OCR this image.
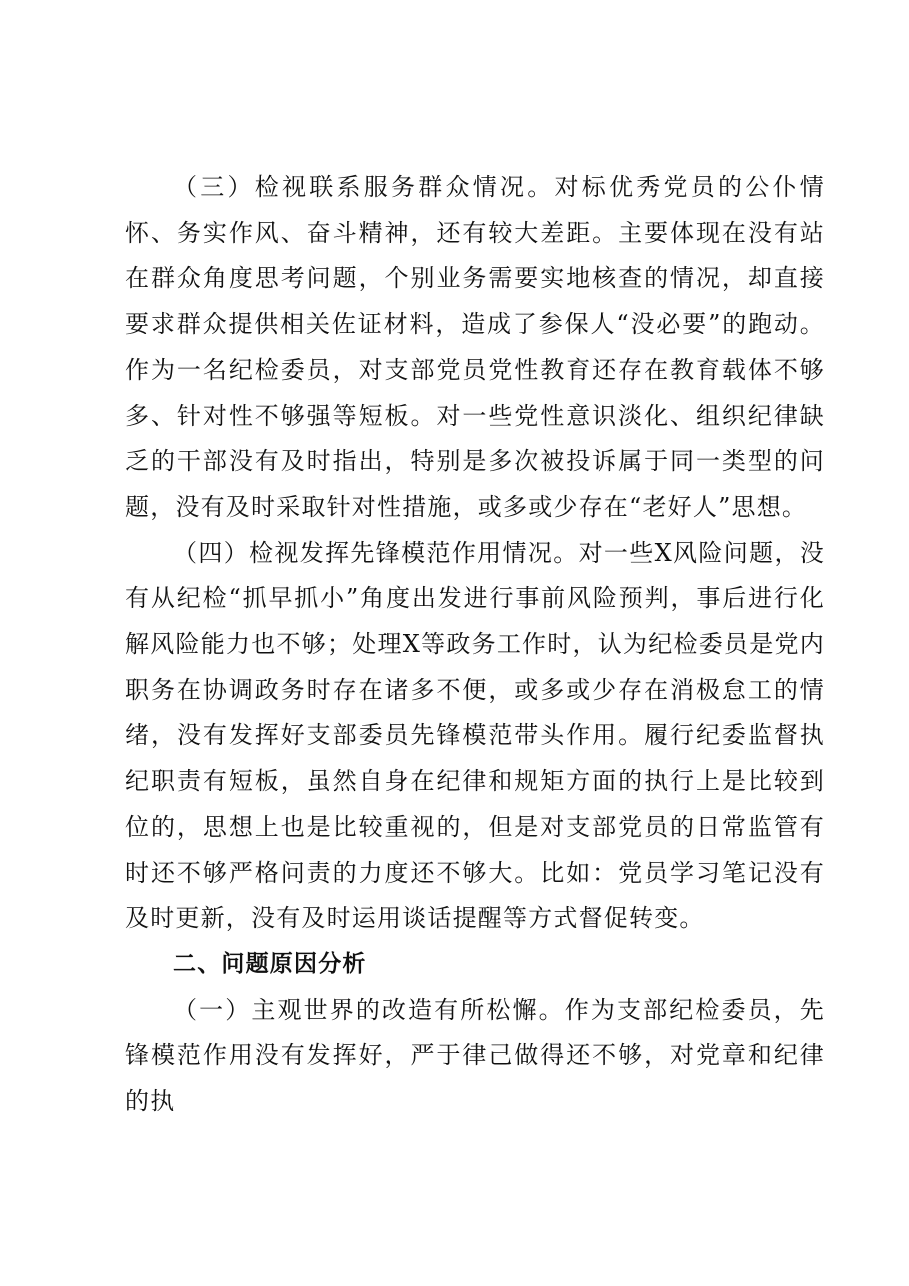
（三）检视联系服务群众情况。对标优秀党员的公仆情怀、务实作风、奋斗精神，还有较大差距。主要体现在没有站在群众角度思考问题，个别业务需要实地核查的情况，却直接要求群众提供相关佐证材料，造成了参保人“没必要”的跑动。作为一名纪检委员，对支部党员党性教育还存在教育载体不够多、针对性不够强等短板。对一些党性意识淡化、组织纪律缺乏的干部没有及时指出，特别是多次被投诉属于同一类型的问题，没有及时采取针对性措施，或多或少存在“老好人”思想。

（四）检视发挥先锋模范作用情况。对一些X风险问题，没有从纪检“抓早抓小”角度出发进行事前风险预判，事后进行化解风险能力也不够；处理X等政务工作时，认为纪检委员是党内职务在协调政务时存在诸多不便，或多或少存在消极怠工的情绪，没有发挥好支部委员先锋模范带头作用。履行纪委监督执纪职责有短板，虽然自身在纪律和规矩方面的执行上是比较到位的，思想上也是比较重视的，但是对支部党员的日常监管有时还不够严格问责的力度还不够大。比如：党员学习笔记没有及时更新，没有及时运用谈话提醒等方式督促转变。

二、问题原因分析

（一）主观世界的改造有所松懈。作为支部纪检委员，先锋模范作用没有发挥好，严于律己做得还不够，对党章和纪律的执
